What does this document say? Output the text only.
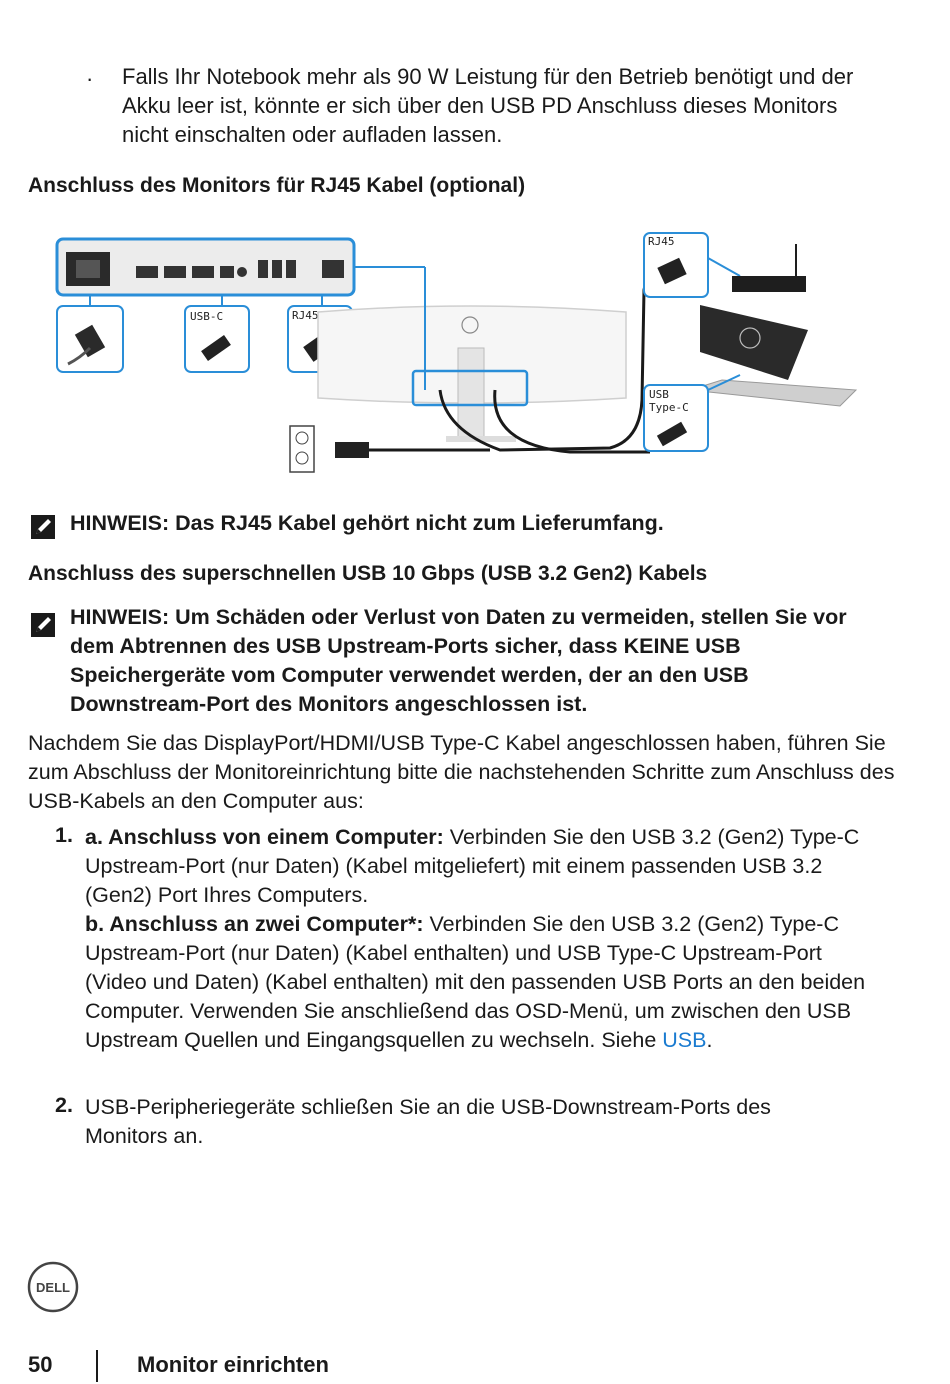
· Falls Ihr Notebook mehr als 90 W Leistung für den Betrieb benötigt und der Akku leer ist, könnte er sich über den USB PD Anschluss dieses Monitors nicht einschalten oder aufladen lassen.
Anschluss des Monitors für RJ45 Kabel (optional)
USB-C	RJ45
RJ45
USB
Type-C
HINWEIS: Das RJ45 Kabel gehört nicht zum Lieferumfang.
Anschluss des superschnellen USB 10 Gbps (USB 3.2 Gen2) Kabels
HINWEIS: Um Schäden oder Verlust von Daten zu vermeiden, stellen Sie vor dem Abtrennen des USB Upstream-Ports sicher, dass KEINE USB Speichergeräte vom Computer verwendet werden, der an den USB Downstream-Port des Monitors angeschlossen ist.
Nachdem Sie das DisplayPort/HDMI/USB Type-C Kabel angeschlossen haben, führen Sie zum Abschluss der Monitoreinrichtung bitte die nachstehenden Schritte zum Anschluss des USB-Kabels an den Computer aus:
1. a. Anschluss von einem Computer: Verbinden Sie den USB 3.2 (Gen2) Type-C Upstream-Port (nur Daten) (Kabel mitgeliefert) mit einem passenden USB 3.2 (Gen2) Port Ihres Computers.
b. Anschluss an zwei Computer*: Verbinden Sie den USB 3.2 (Gen2) Type-C Upstream-Port (nur Daten) (Kabel enthalten) und USB Type-C Upstream-Port (Video und Daten) (Kabel enthalten) mit den passenden USB Ports an den beiden Computer. Verwenden Sie anschließend das OSD-Menü, um zwischen den USB Upstream Quellen und Eingangsquellen zu wechseln. Siehe USB.
2. USB-Peripheriegeräte schließen Sie an die USB-Downstream-Ports des Monitors an.
DELL
50	Monitor einrichten
